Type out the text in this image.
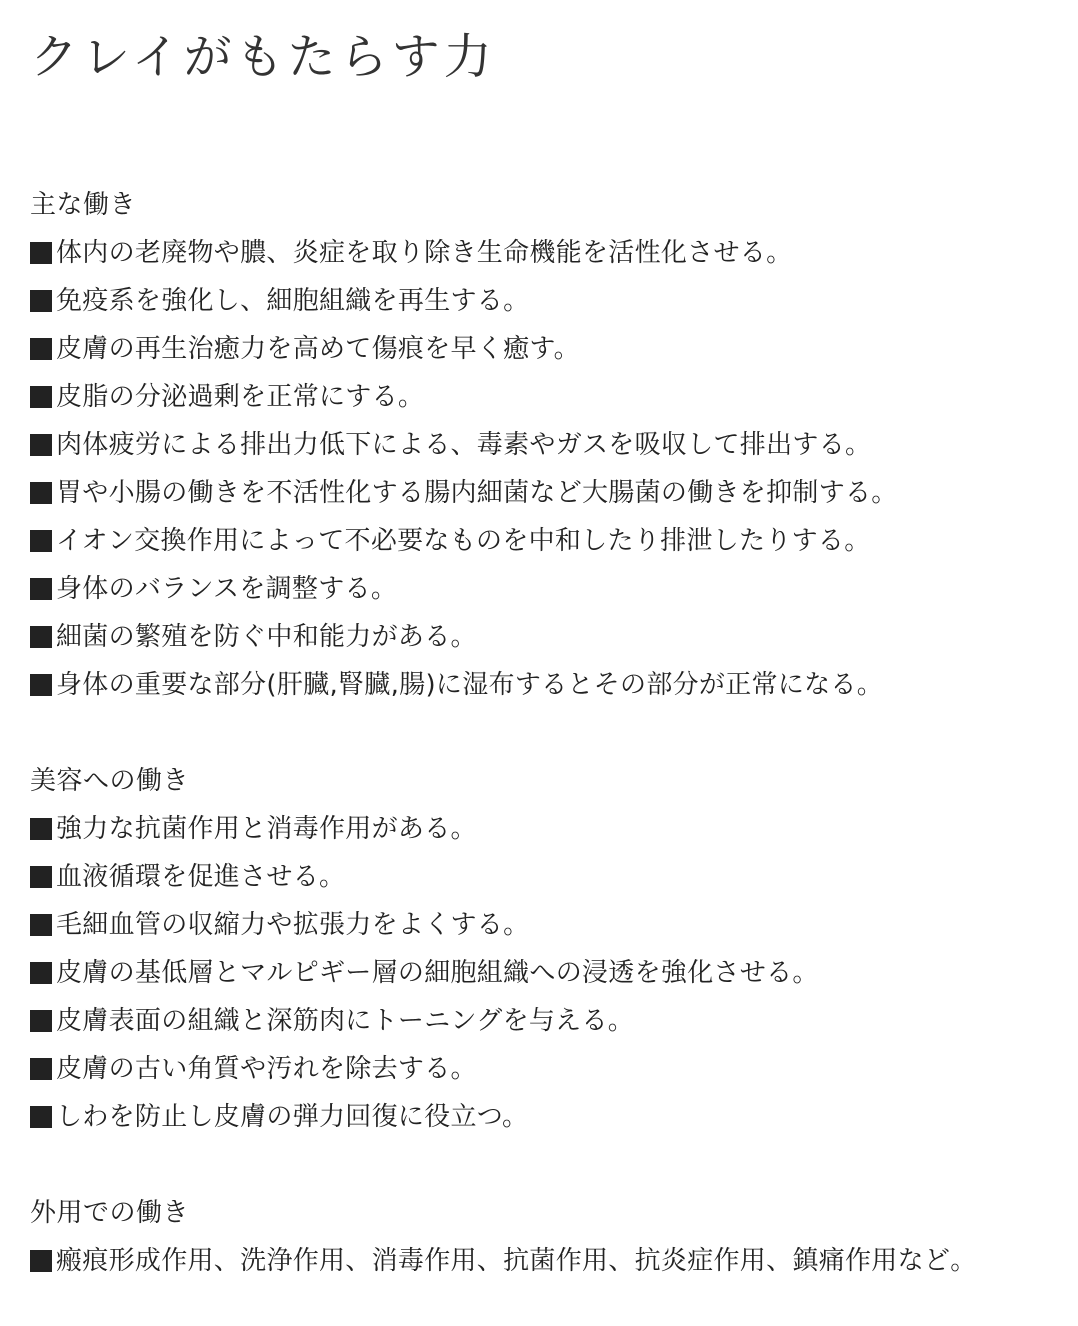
クレイがもたらす力
主な働き
体内の老廃物や膿、炎症を取り除き生命機能を活性化させる。
免疫系を強化し、細胞組織を再生する。
皮膚の再生治癒力を高めて傷痕を早く癒す。
皮脂の分泌過剰を正常にする。
肉体疲労による排出力低下による、毒素やガスを吸収して排出する。
胃や小腸の働きを不活性化する腸内細菌など大腸菌の働きを抑制する。
イオン交換作用によって不必要なものを中和したり排泄したりする。
身体のバランスを調整する。
細菌の繁殖を防ぐ中和能力がある。
身体の重要な部分(肝臓,腎臓,腸)に湿布するとその部分が正常になる。
美容への働き
強力な抗菌作用と消毒作用がある。
血液循環を促進させる。
毛細血管の収縮力や拡張力をよくする。
皮膚の基低層とマルピギー層の細胞組織への浸透を強化させる。
皮膚表面の組織と深筋肉にトーニングを与える。
皮膚の古い角質や汚れを除去する。
しわを防止し皮膚の弾力回復に役立つ。
外用での働き
瘢痕形成作用、洗浄作用、消毒作用、抗菌作用、抗炎症作用、鎮痛作用など。
